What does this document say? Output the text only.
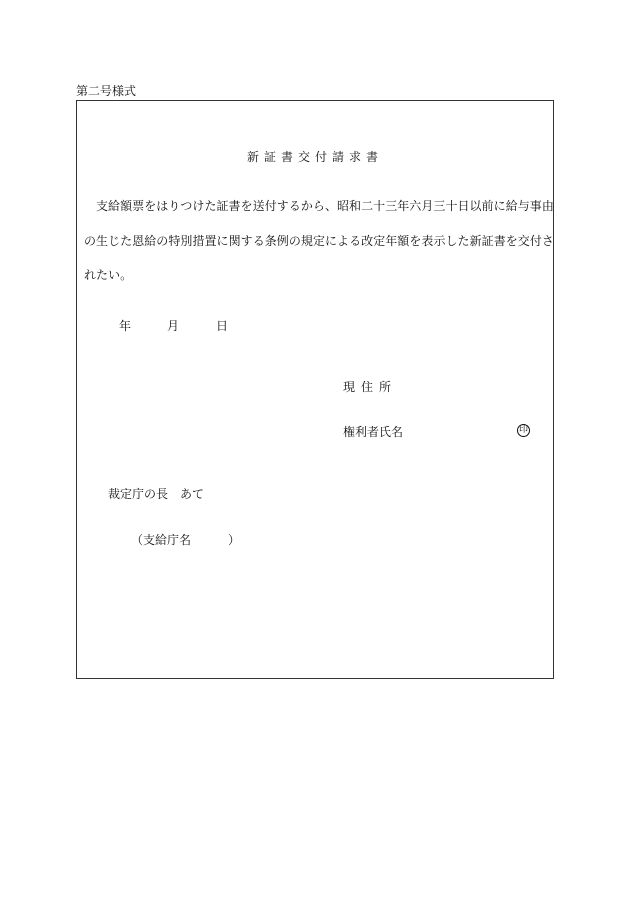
第二号様式
新証書交付請求書

支給額票をはりつけた証書を送付するから、昭和二十三年六月三十日以前に給与事由の生じた恩給の特別措置に関する条例の規定による改定年額を表示した新証書を交付されたい。

年	月	日
現住所
権利者氏名	印
裁定庁の長　あて
（支給庁名	）
